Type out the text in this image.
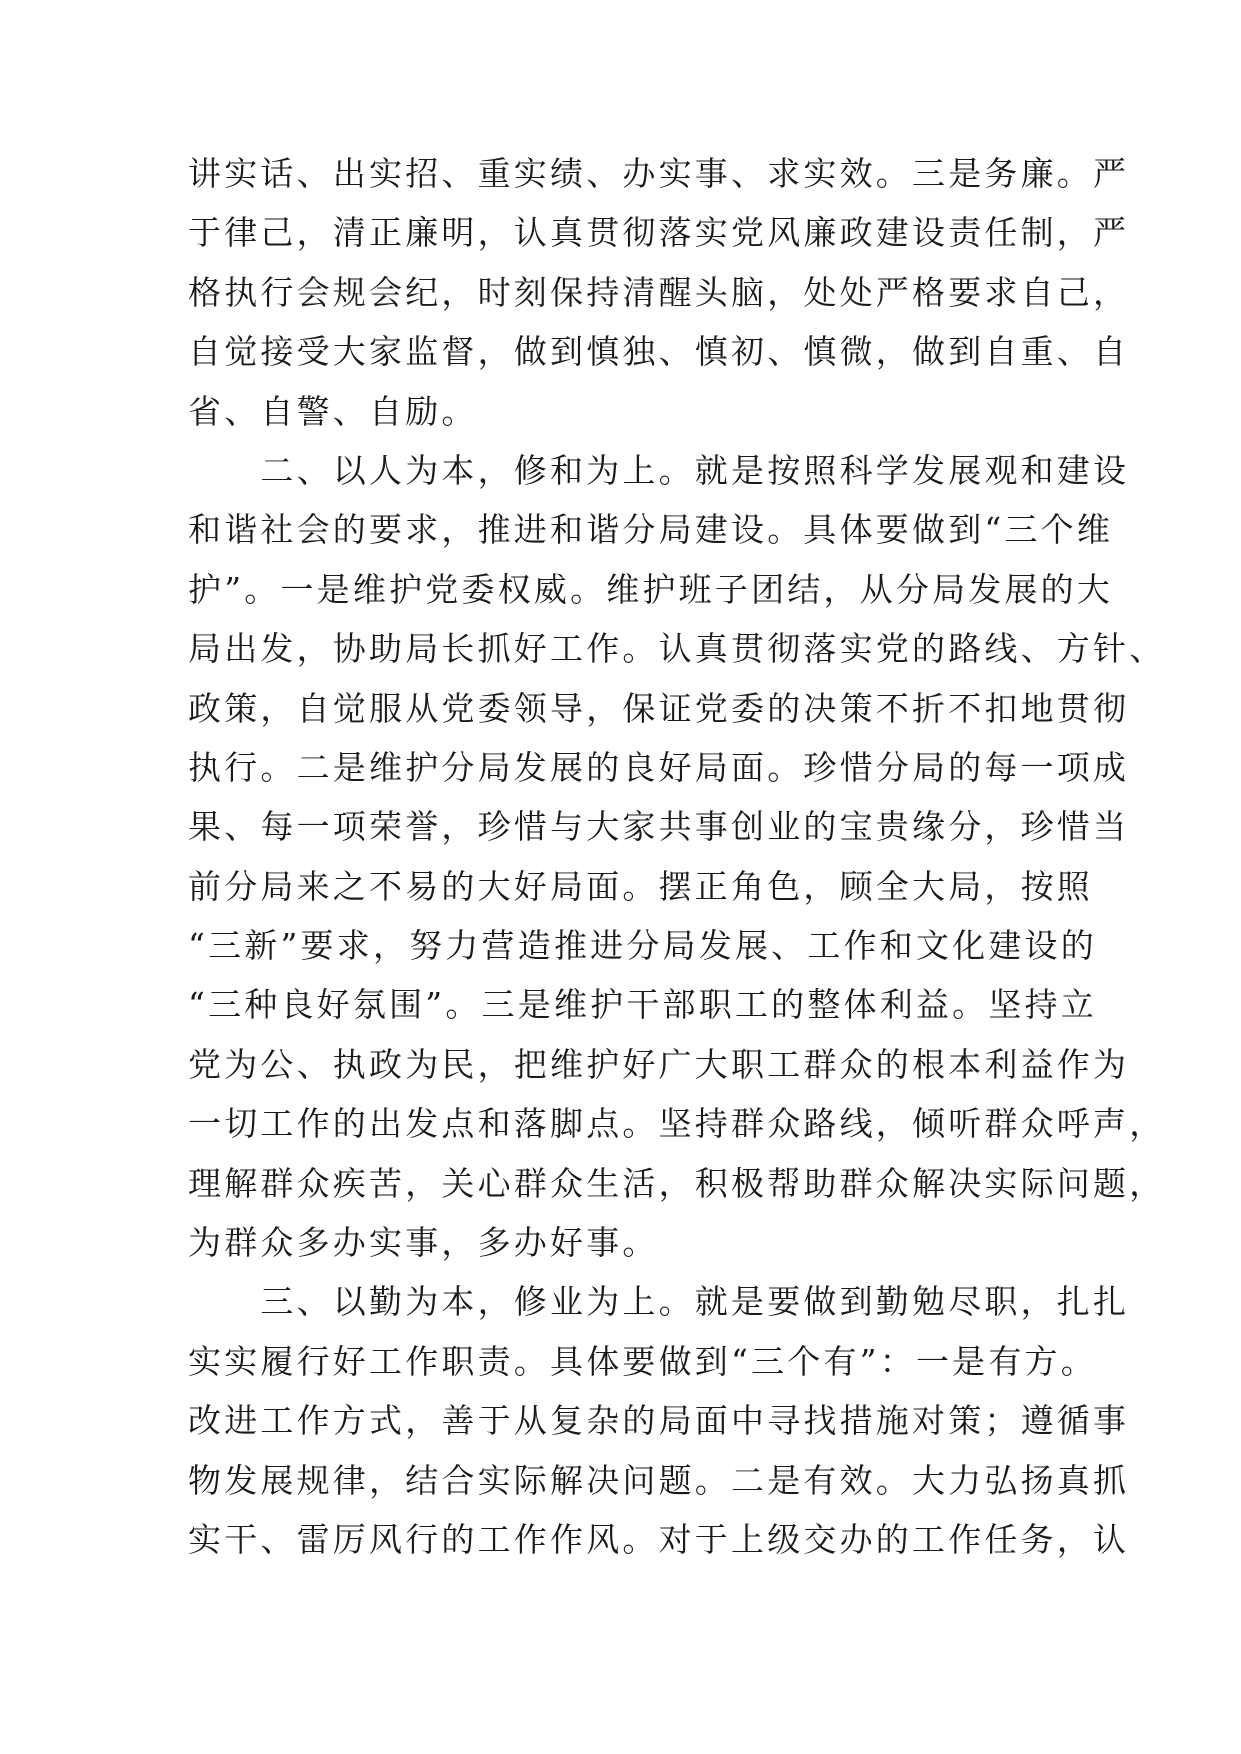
讲实话、出实招、重实绩、办实事、求实效。三是务廉。严
于律己，清正廉明，认真贯彻落实党风廉政建设责任制，严
格执行会规会纪，时刻保持清醒头脑，处处严格要求自己，
自觉接受大家监督，做到慎独、慎初、慎微，做到自重、自
省、自警、自励。
　　二、以人为本，修和为上。就是按照科学发展观和建设
和谐社会的要求，推进和谐分局建设。具体要做到“三个维
护”。一是维护党委权威。维护班子团结，从分局发展的大
局出发，协助局长抓好工作。认真贯彻落实党的路线、方针、
政策，自觉服从党委领导，保证党委的决策不折不扣地贯彻
执行。二是维护分局发展的良好局面。珍惜分局的每一项成
果、每一项荣誉，珍惜与大家共事创业的宝贵缘分，珍惜当
前分局来之不易的大好局面。摆正角色，顾全大局，按照
“三新”要求，努力营造推进分局发展、工作和文化建设的
“三种良好氛围”。三是维护干部职工的整体利益。坚持立
党为公、执政为民，把维护好广大职工群众的根本利益作为
一切工作的出发点和落脚点。坚持群众路线，倾听群众呼声，
理解群众疾苦，关心群众生活，积极帮助群众解决实际问题，
为群众多办实事，多办好事。
　　三、以勤为本，修业为上。就是要做到勤勉尽职，扎扎
实实履行好工作职责。具体要做到“三个有”：一是有方。
改进工作方式，善于从复杂的局面中寻找措施对策；遵循事
物发展规律，结合实际解决问题。二是有效。大力弘扬真抓
实干、雷厉风行的工作作风。对于上级交办的工作任务，认
